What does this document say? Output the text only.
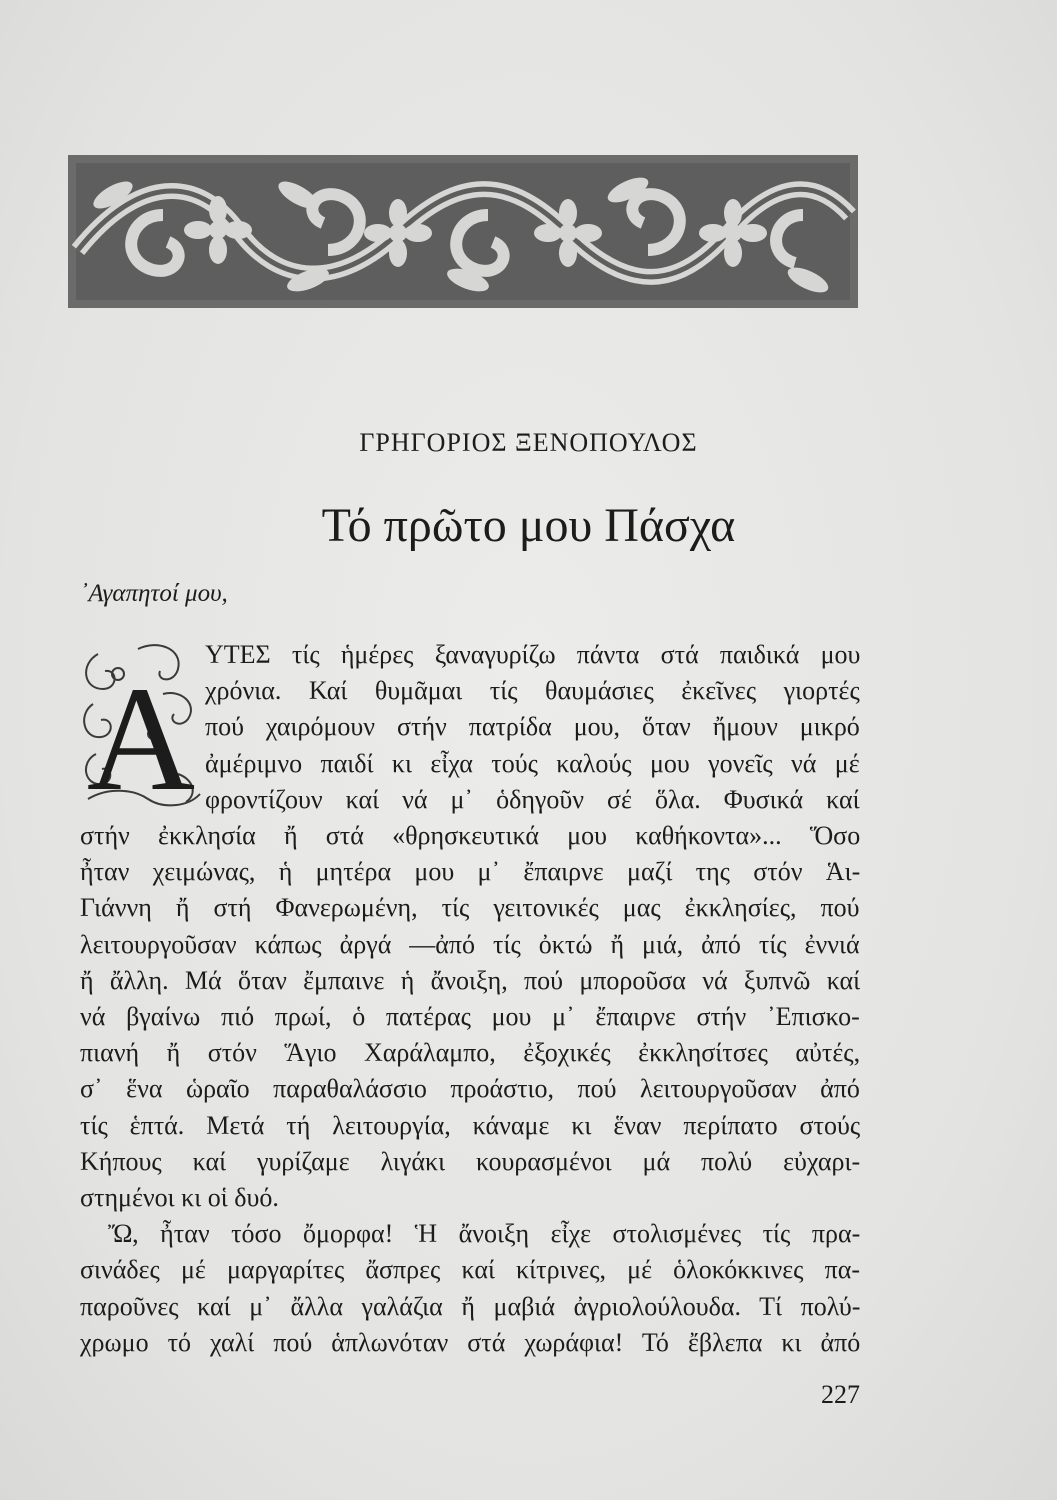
ΓΡΗΓΟΡΙΟΣ ΞΕΝΟΠΟΥΛΟΣ
Τό πρῶτο μου Πάσχα
᾿Αγαπητοί μου,
A
ΥΤΕΣ τίς ἡμέρες ξαναγυρίζω πάντα στά παιδικά μου
χρόνια. Καί θυμᾶμαι τίς θαυμάσιες ἐκεῖνες γιορτές
πού χαιρόμουν στήν πατρίδα μου, ὅταν ἤμουν μικρό
ἀμέριμνο παιδί κι εἶχα τούς καλούς μου γονεῖς νά μέ
φροντίζουν καί νά μ᾿ ὁδηγοῦν σέ ὅλα. Φυσικά καί
στήν ἐκκλησία ἤ στά «θρησκευτικά μου καθήκοντα»... Ὅσο
ἦταν χειμώνας, ἡ μητέρα μου μ᾿ ἔπαιρνε μαζί της στόν Ἁι-
Γιάννη ἤ στή Φανερωμένη, τίς γειτονικές μας ἐκκλησίες, πού
λειτουργοῦσαν κάπως ἀργά —ἀπό τίς ὀκτώ ἤ μιά, ἀπό τίς ἐννιά
ἤ ἄλλη. Μά ὅταν ἔμπαινε ἡ ἄνοιξη, πού μποροῦσα νά ξυπνῶ καί
νά βγαίνω πιό πρωί, ὁ πατέρας μου μ᾿ ἔπαιρνε στήν ᾿Επισκο-
πιανή ἤ στόν Ἅγιο Χαράλαμπο, ἐξοχικές ἐκκλησίτσες αὐτές,
σ᾿ ἕνα ὡραῖο παραθαλάσσιο προάστιο, πού λειτουργοῦσαν ἀπό
τίς ἑπτά. Μετά τή λειτουργία, κάναμε κι ἕναν περίπατο στούς
Κήπους καί γυρίζαμε λιγάκι κουρασμένοι μά πολύ εὐχαρι-
στημένοι κι οἱ δυό.
Ὤ, ἦταν τόσο ὄμορφα! Ἡ ἄνοιξη εἶχε στολισμένες τίς πρα-
σινάδες μέ μαργαρίτες ἄσπρες καί κίτρινες, μέ ὁλοκόκκινες πα-
παροῦνες καί μ᾿ ἄλλα γαλάζια ἤ μαβιά ἀγριολούλουδα. Τί πολύ-
χρωμο τό χαλί πού ἁπλωνόταν στά χωράφια! Τό ἔβλεπα κι ἀπό
227
